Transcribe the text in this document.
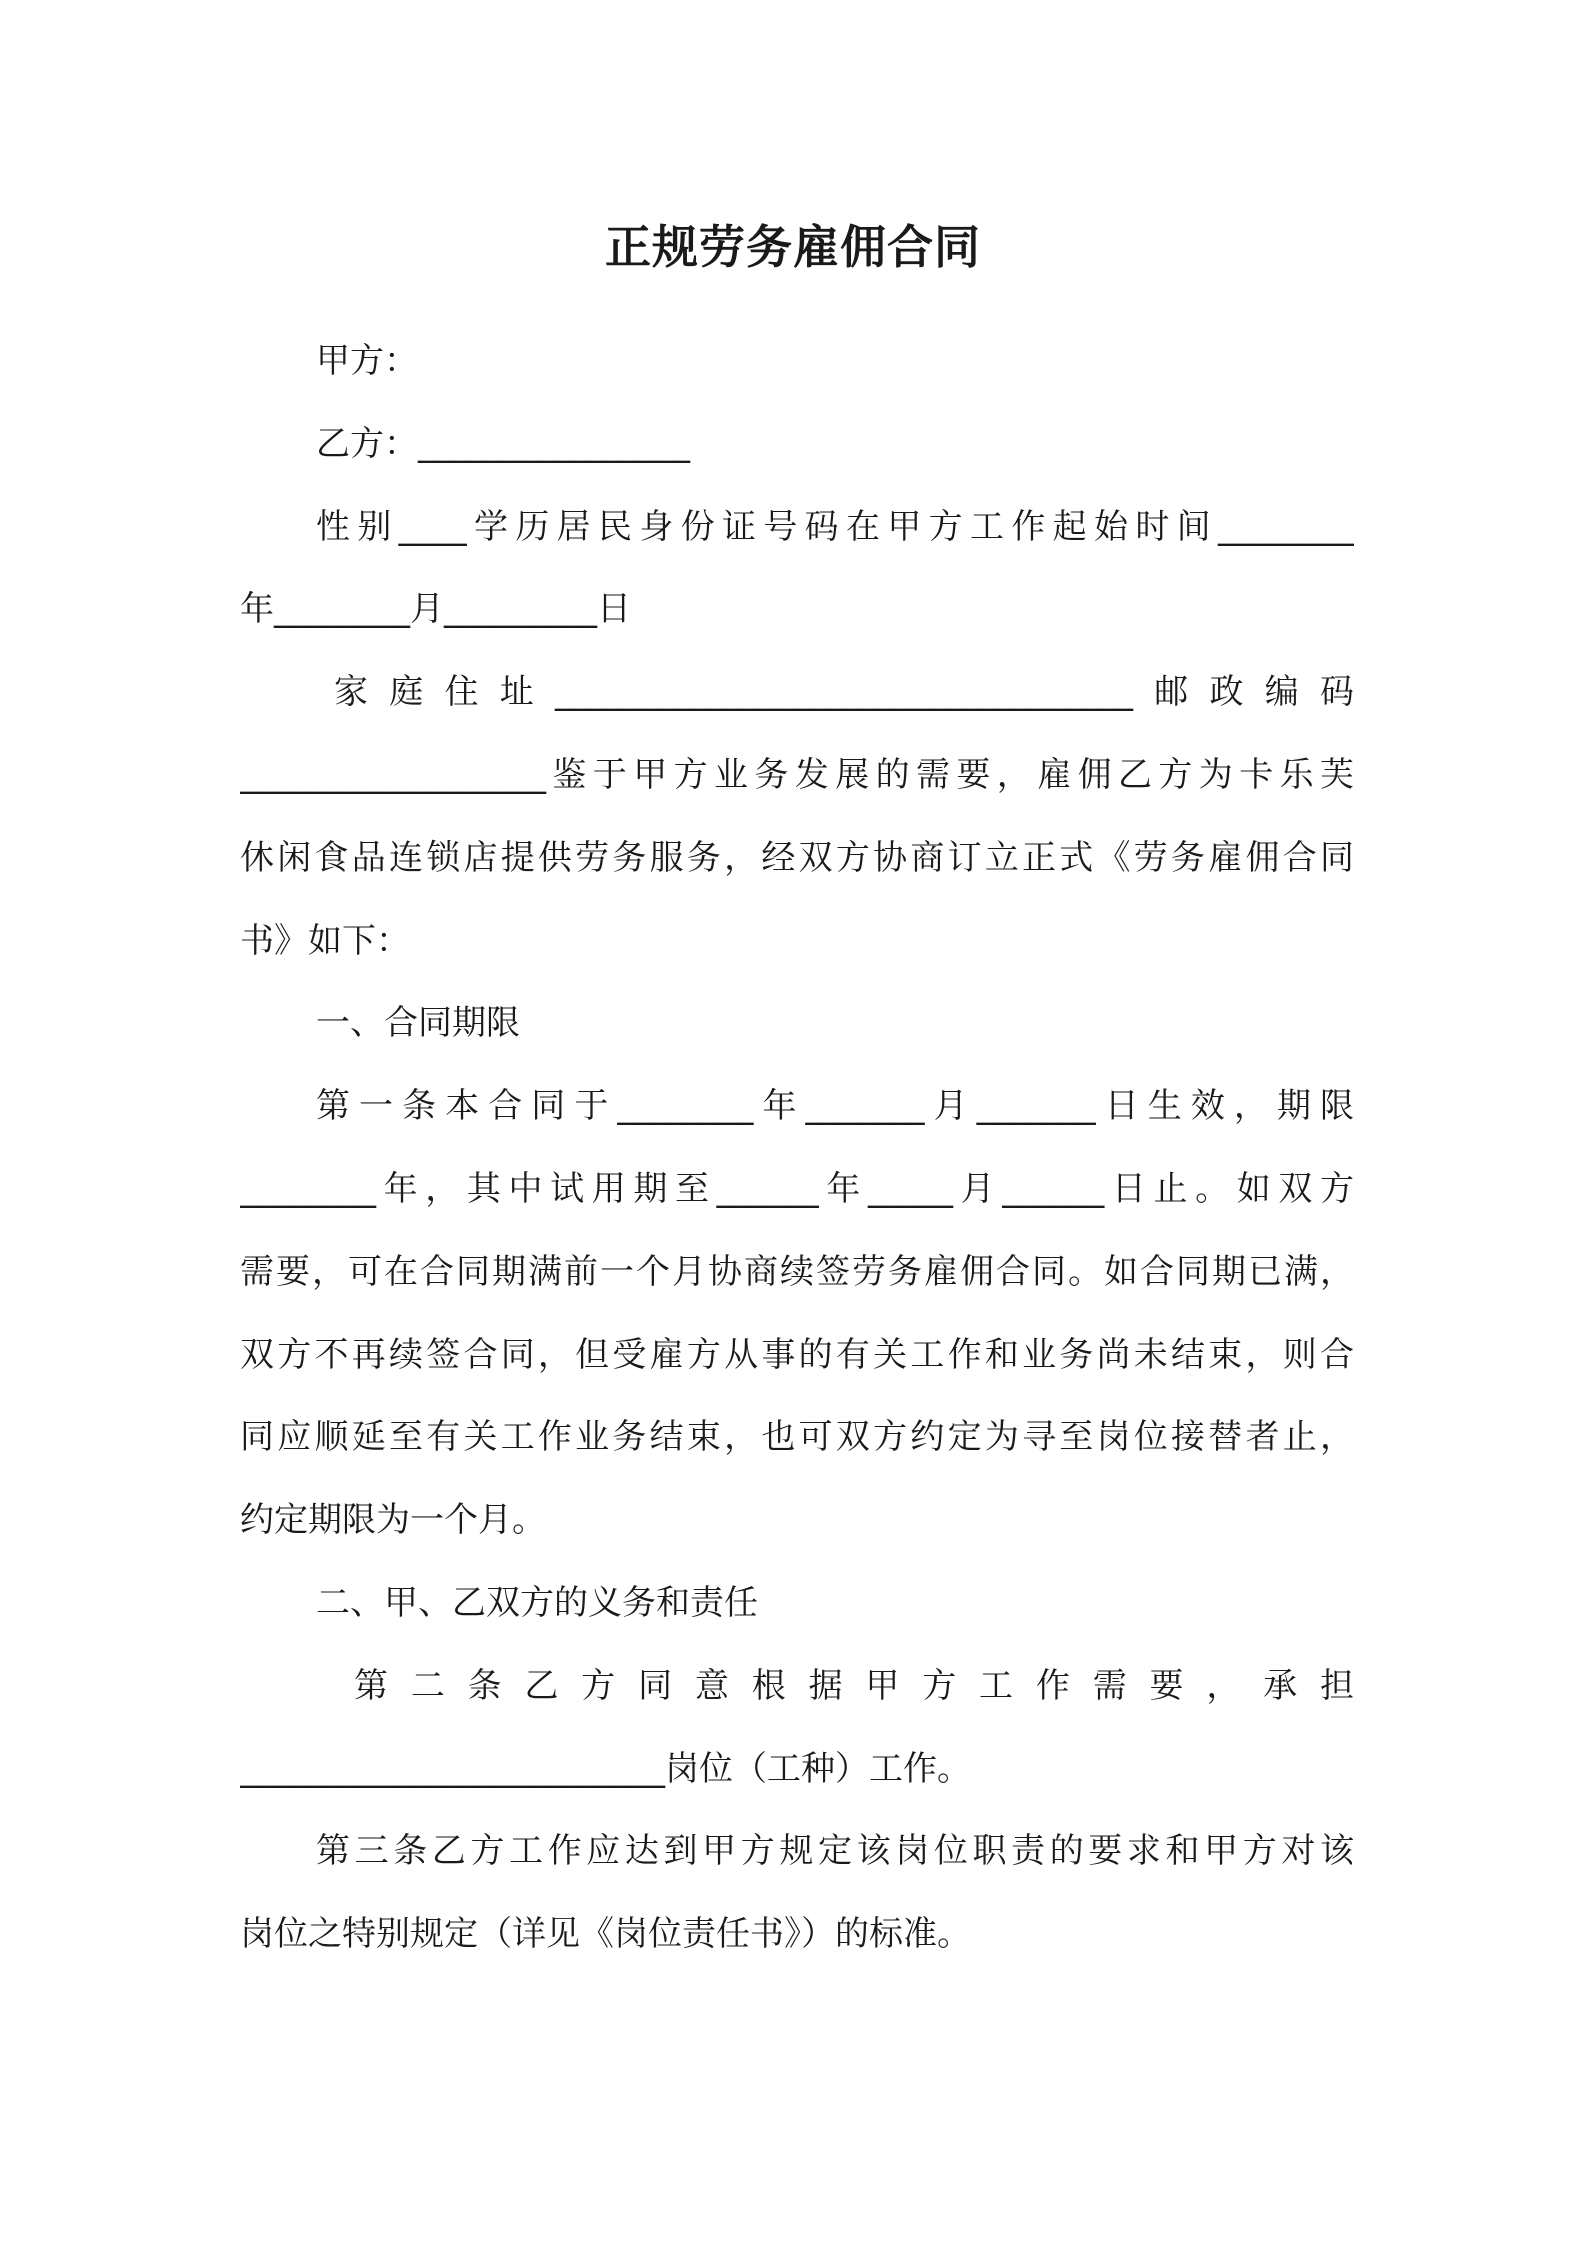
正规劳务雇佣合同
甲方：
乙方：________________
性别____学历居民身份证号码在甲方工作起始时间________
年________月_________日
家庭住址__________________________________邮政编码
__________________鉴于甲方业务发展的需要，雇佣乙方为卡乐芙
休闲食品连锁店提供劳务服务，经双方协商订立正式《劳务雇佣合同
书》如下：
一、合同期限
第一条本合同于________年_______月_______日生效，期限
________年，其中试用期至______年_____月______日止。如双方
需要，可在合同期满前一个月协商续签劳务雇佣合同。如合同期已满，
双方不再续签合同，但受雇方从事的有关工作和业务尚未结束，则合
同应顺延至有关工作业务结束，也可双方约定为寻至岗位接替者止，
约定期限为一个月。
二、甲、乙双方的义务和责任
第二条乙方同意根据甲方工作需要，承担
_________________________岗位（工种）工作。
第三条乙方工作应达到甲方规定该岗位职责的要求和甲方对该
岗位之特别规定（详见《岗位责任书》）的标准。
